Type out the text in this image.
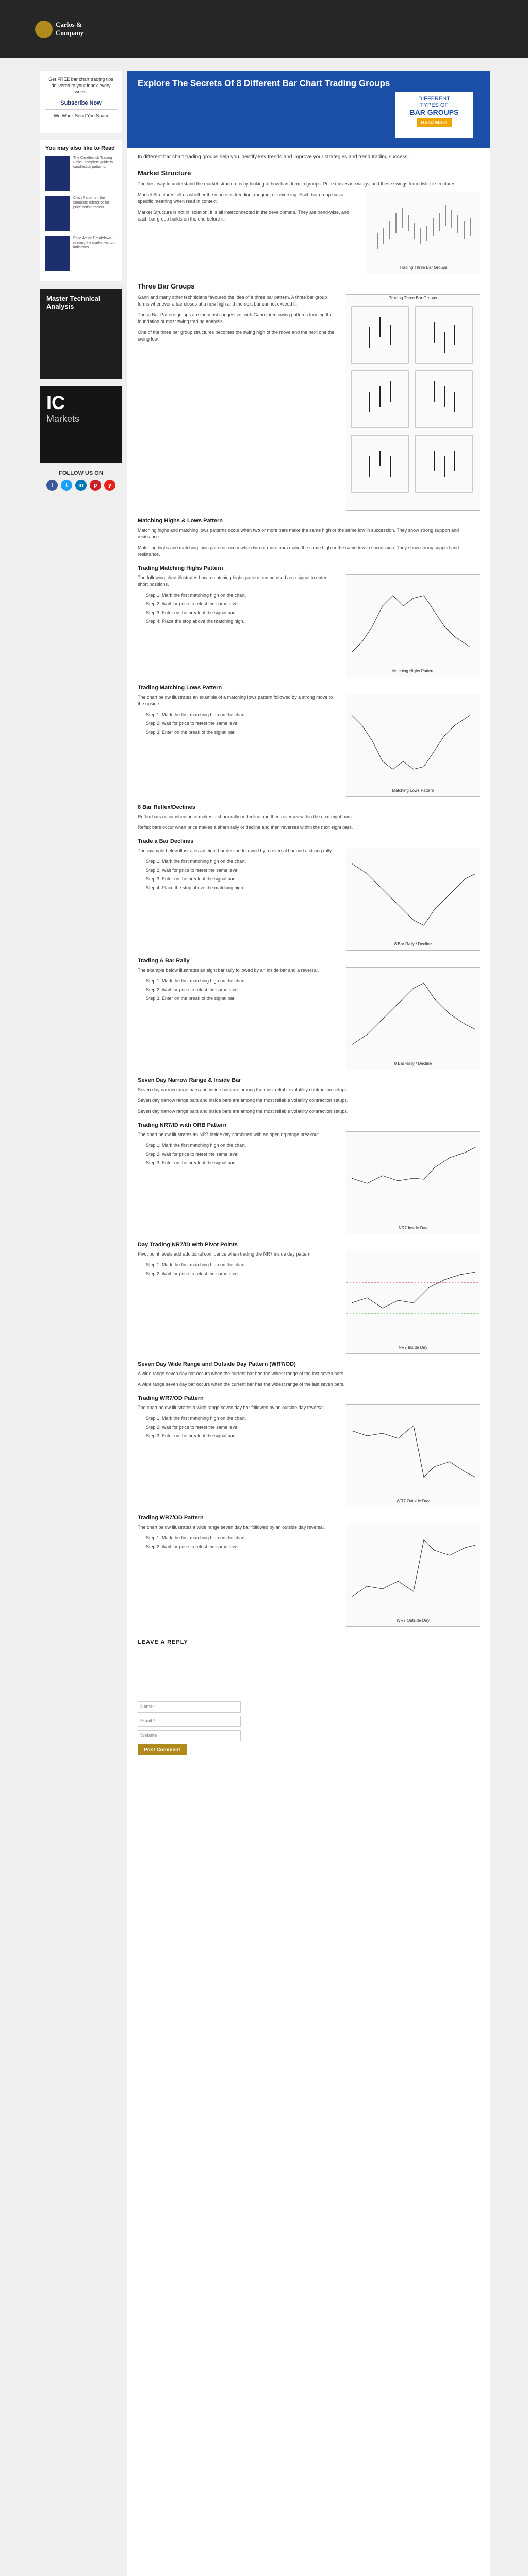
Carlos &
Company
Get FREE bar chart trading tips delivered to your inbox every week.
Subscribe Now
We Won't Send You Spam
You may also like to Read
The Candlestick Trading Bible - complete guide to candlestick patterns.
Chart Patterns - the complete reference for price action traders.
Price Action Breakdown - reading the market without indicators.
Master Technical Analysis
IC
Markets
FOLLOW US ON
f	t	in	p	y
Explore The Secrets Of 8 Different Bar Chart Trading Groups
DIFFERENT
TYPES OF
BAR GROUPS
Read More

In different bar chart trading groups help you identify key trends and improve your strategies and trend trading success.

Market Structure

The best way to understand the market structure is by looking at how bars form in groups. Price moves in swings, and these swings form distinct structures.

Market Structures tell us whether the market is trending, ranging, or reversing. Each bar group has a specific meaning when read in context.

Market Structure is not in isolation; it is all interconnected in the development. They are trend-wise, and each bar group builds on the one before it.

Trading Three Bar Groups
Three Bar Groups

Gann and many other technicians favoured the idea of a three bar pattern. A three bar group forms whenever a bar closes at a new high and the next bar cannot exceed it.

These Bar Pattern groups are the most suggestive, with Gann three swing patterns forming the foundation of most swing trading analysis.

One of the three bar group structures becomes the swing high of the move and the next one the swing low.

Trading Three Bar Groups
Matching Highs & Lows Pattern

Matching highs and matching lows patterns occur when two or more bars make the same high or the same low in succession. They show strong support and resistance.

Matching highs and matching lows patterns occur when two or more bars make the same high or the same low in succession. They show strong support and resistance.

Trading Matching Highs Pattern

The following chart illustrates how a matching highs pattern can be used as a signal to enter short positions.

Step 1: Mark the first matching high on the chart.
Step 2: Wait for price to retest the same level.
Step 3: Enter on the break of the signal bar.
Step 4: Place the stop above the matching high.
Matching Highs Pattern
Trading Matching Lows Pattern

The chart below illustrates an example of a matching lows pattern followed by a strong move to the upside.

Step 1: Mark the first matching high on the chart.
Step 2: Wait for price to retest the same level.
Step 3: Enter on the break of the signal bar.
Matching Lows Pattern
8 Bar Reflex/Declines

Reflex bars occur when price makes a sharp rally or decline and then reverses within the next eight bars.

Reflex bars occur when price makes a sharp rally or decline and then reverses within the next eight bars.

Trade a Bar Declines

The example below illustrates an eight bar decline followed by a reversal bar and a strong rally.

Step 1: Mark the first matching high on the chart.
Step 2: Wait for price to retest the same level.
Step 3: Enter on the break of the signal bar.
Step 4: Place the stop above the matching high.
8 Bar Rally / Decline
Trading A Bar Rally

The example below illustrates an eight bar rally followed by an inside bar and a reversal.

Step 1: Mark the first matching high on the chart.
Step 2: Wait for price to retest the same level.
Step 3: Enter on the break of the signal bar.
8 Bar Rally / Decline
Seven Day Narrow Range & Inside Bar

Seven day narrow range bars and inside bars are among the most reliable volatility contraction setups.

Seven day narrow range bars and inside bars are among the most reliable volatility contraction setups.

Seven day narrow range bars and inside bars are among the most reliable volatility contraction setups.

Trading NR7/ID with ORB Pattern

The chart below illustrates an NR7 inside day combined with an opening range breakout.

Step 1: Mark the first matching high on the chart.
Step 2: Wait for price to retest the same level.
Step 3: Enter on the break of the signal bar.
NR7 Inside Day
Day Trading NR7/ID with Pivot Points

Pivot point levels add additional confluence when trading the NR7 inside day pattern.

Step 1: Mark the first matching high on the chart.
Step 2: Wait for price to retest the same level.
NR7 Inside Day
Seven Day Wide Range and Outside Day Pattern (WR7/OD)

A wide range seven day bar occurs when the current bar has the widest range of the last seven bars.

A wide range seven day bar occurs when the current bar has the widest range of the last seven bars.

Trading WR7/OD Pattern

The chart below illustrates a wide range seven day bar followed by an outside day reversal.

Step 1: Mark the first matching high on the chart.
Step 2: Wait for price to retest the same level.
Step 3: Enter on the break of the signal bar.
WR7 Outside Day
Trading WR7/OD Pattern

The chart below illustrates a wide range seven day bar followed by an outside day reversal.

Step 1: Mark the first matching high on the chart.
Step 2: Wait for price to retest the same level.
WR7 Outside Day
LEAVE A REPLY
Name *
Email *
Website
Post Comment
